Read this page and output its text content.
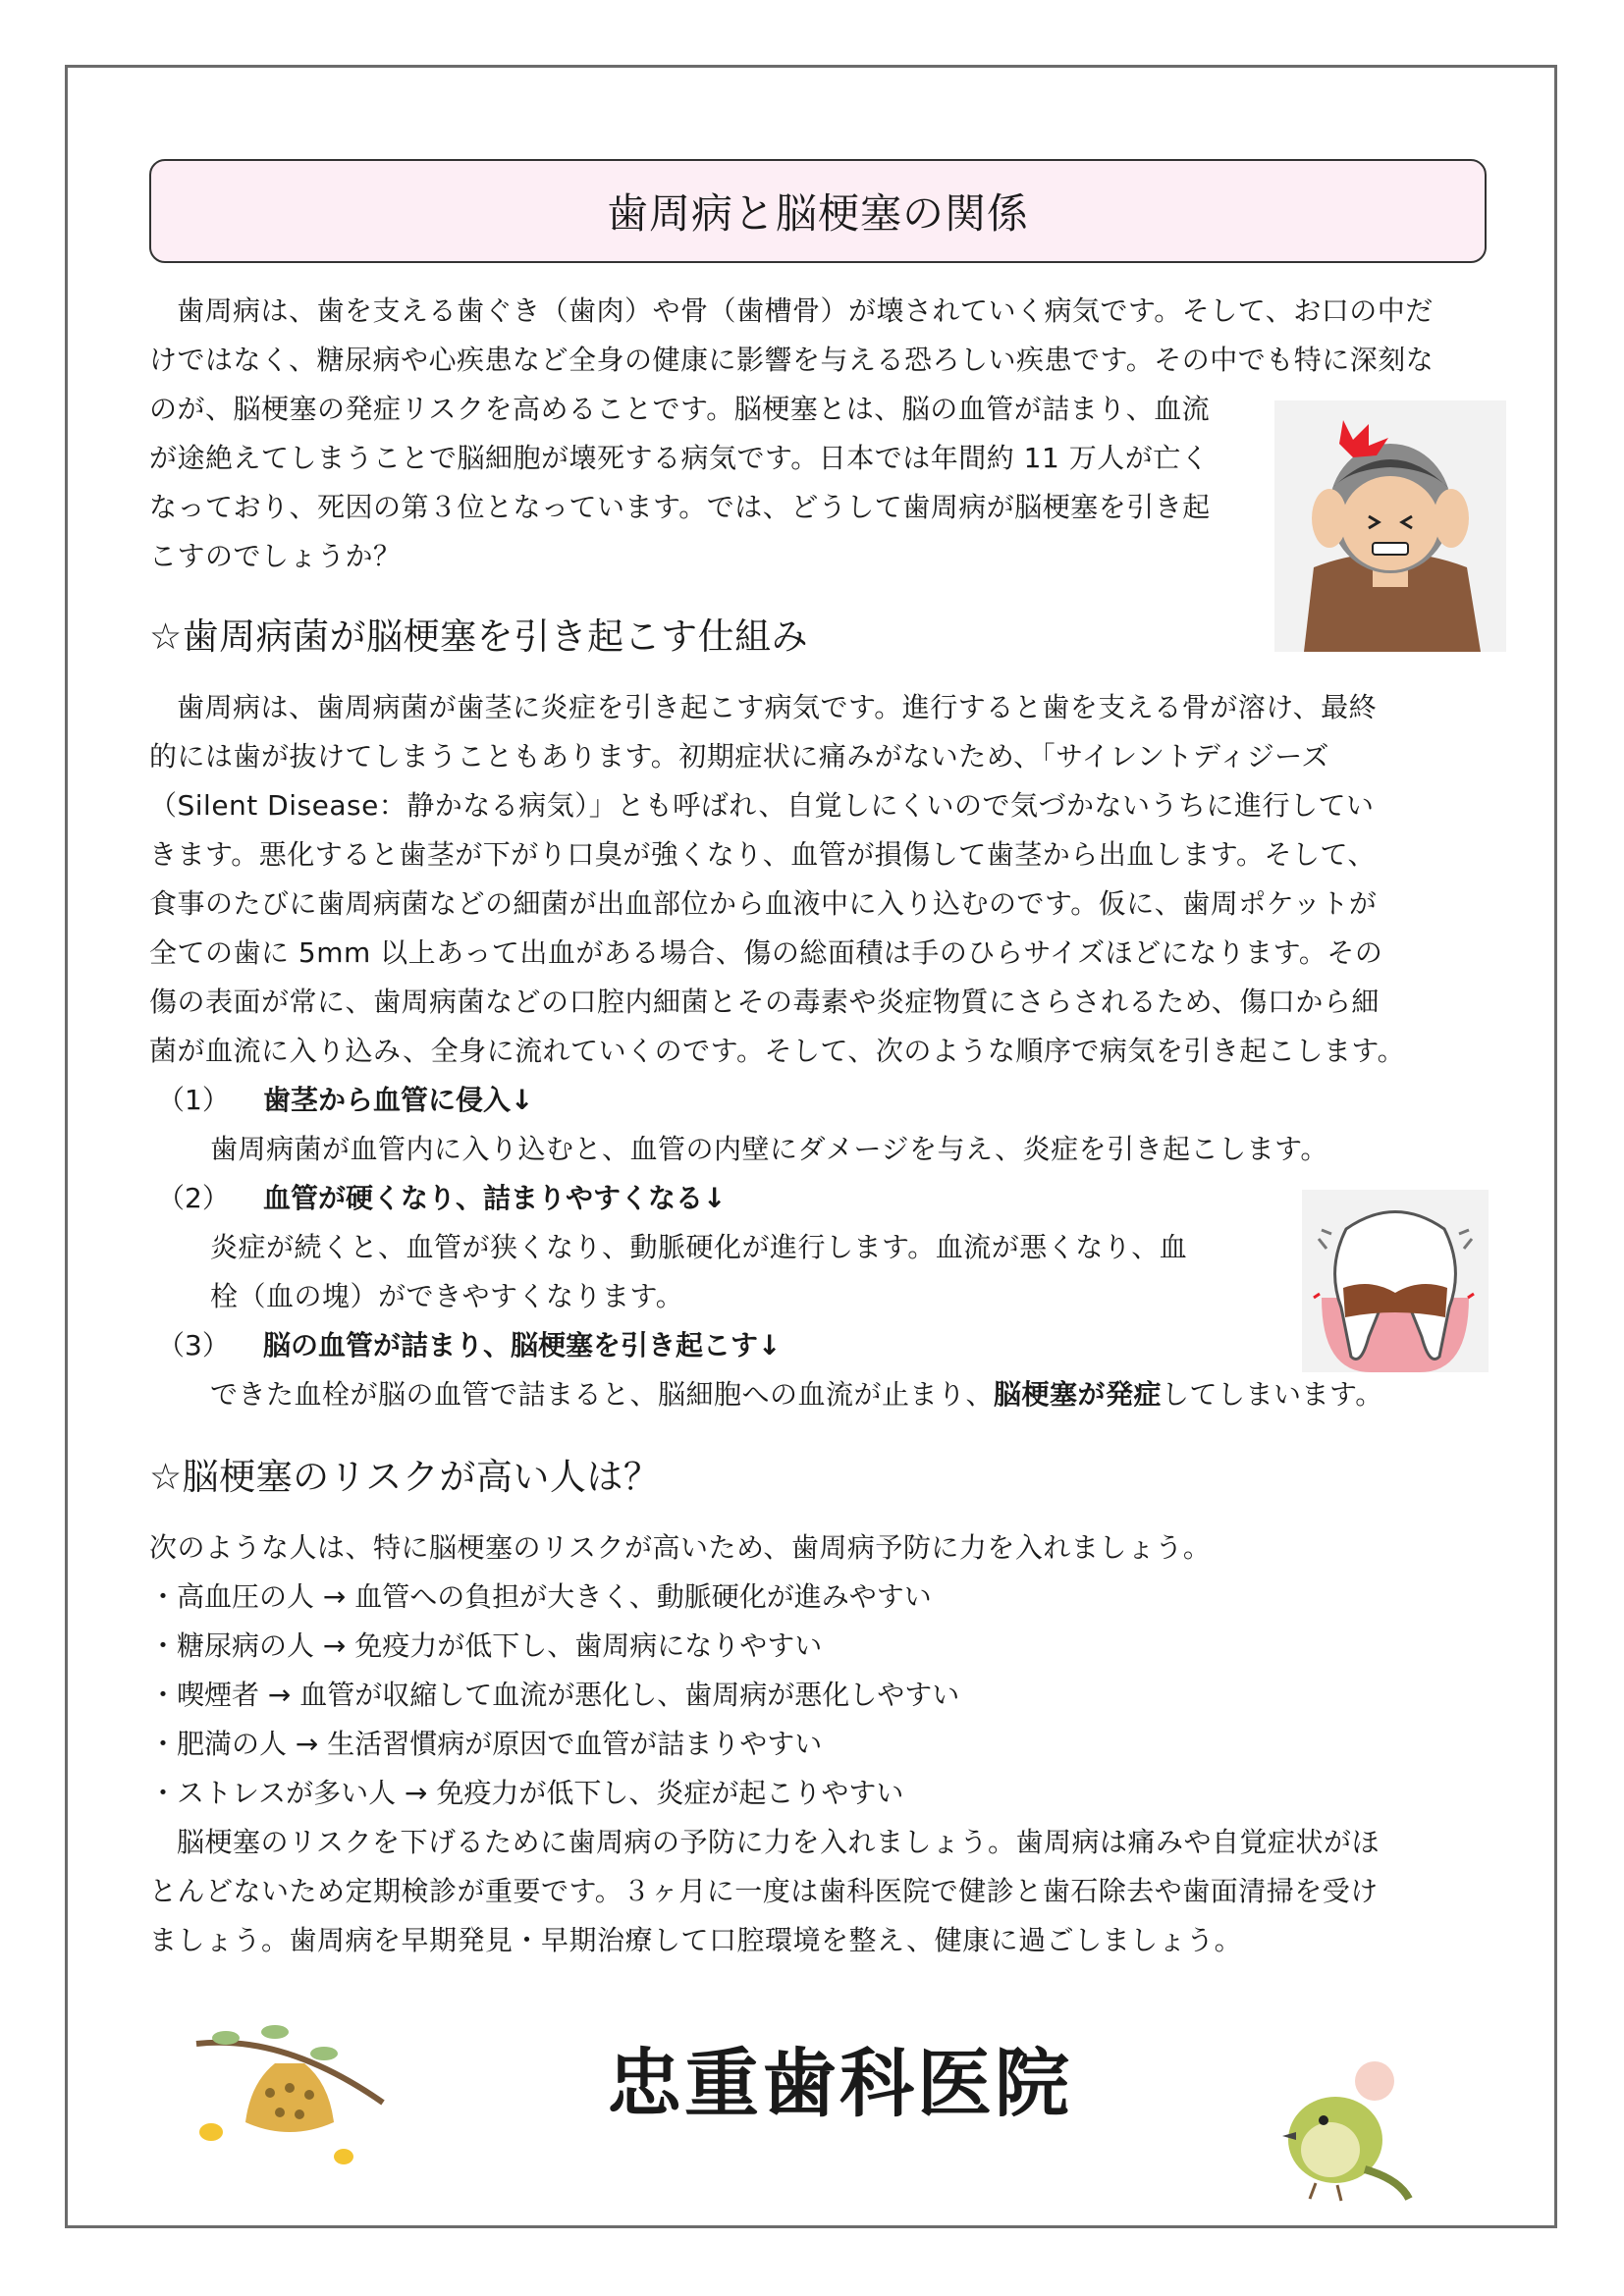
歯周病と脳梗塞の関係
歯周病は、歯を支える歯ぐき（歯肉）や骨（歯槽骨）が壊されていく病気です。そして、お口の中だ
けではなく、糖尿病や心疾患など全身の健康に影響を与える恐ろしい疾患です。その中でも特に深刻な
のが、脳梗塞の発症リスクを高めることです。脳梗塞とは、脳の血管が詰まり、血流
が途絶えてしまうことで脳細胞が壊死する病気です。日本では年間約 11 万人が亡く
なっており、死因の第３位となっています。では、どうして歯周病が脳梗塞を引き起
こすのでしょうか？
☆歯周病菌が脳梗塞を引き起こす仕組み
歯周病は、歯周病菌が歯茎に炎症を引き起こす病気です。進行すると歯を支える骨が溶け、最終
的には歯が抜けてしまうこともあります。初期症状に痛みがないため、「サイレントディジーズ
（Silent Disease：静かなる病気）」とも呼ばれ、自覚しにくいので気づかないうちに進行してい
きます。悪化すると歯茎が下がり口臭が強くなり、血管が損傷して歯茎から出血します。そして、
食事のたびに歯周病菌などの細菌が出血部位から血液中に入り込むのです。仮に、歯周ポケットが
全ての歯に 5mm 以上あって出血がある場合、傷の総面積は手のひらサイズほどになります。その
傷の表面が常に、歯周病菌などの口腔内細菌とその毒素や炎症物質にさらされるため、傷口から細
菌が血流に入り込み、全身に流れていくのです。そして、次のような順序で病気を引き起こします。
（1） 歯茎から血管に侵入↓
歯周病菌が血管内に入り込むと、血管の内壁にダメージを与え、炎症を引き起こします。
（2） 血管が硬くなり、詰まりやすくなる↓
炎症が続くと、血管が狭くなり、動脈硬化が進行します。血流が悪くなり、血
栓（血の塊）ができやすくなります。
（3） 脳の血管が詰まり、脳梗塞を引き起こす↓
できた血栓が脳の血管で詰まると、脳細胞への血流が止まり、脳梗塞が発症してしまいます。
☆脳梗塞のリスクが高い人は？
次のような人は、特に脳梗塞のリスクが高いため、歯周病予防に力を入れましょう。
・高血圧の人 → 血管への負担が大きく、動脈硬化が進みやすい
・糖尿病の人 → 免疫力が低下し、歯周病になりやすい
・喫煙者 → 血管が収縮して血流が悪化し、歯周病が悪化しやすい
・肥満の人 → 生活習慣病が原因で血管が詰まりやすい
・ストレスが多い人 → 免疫力が低下し、炎症が起こりやすい
脳梗塞のリスクを下げるために歯周病の予防に力を入れましょう。歯周病は痛みや自覚症状がほ
とんどないため定期検診が重要です。３ヶ月に一度は歯科医院で健診と歯石除去や歯面清掃を受け
ましょう。歯周病を早期発見・早期治療して口腔環境を整え、健康に過ごしましょう。
忠重歯科医院
